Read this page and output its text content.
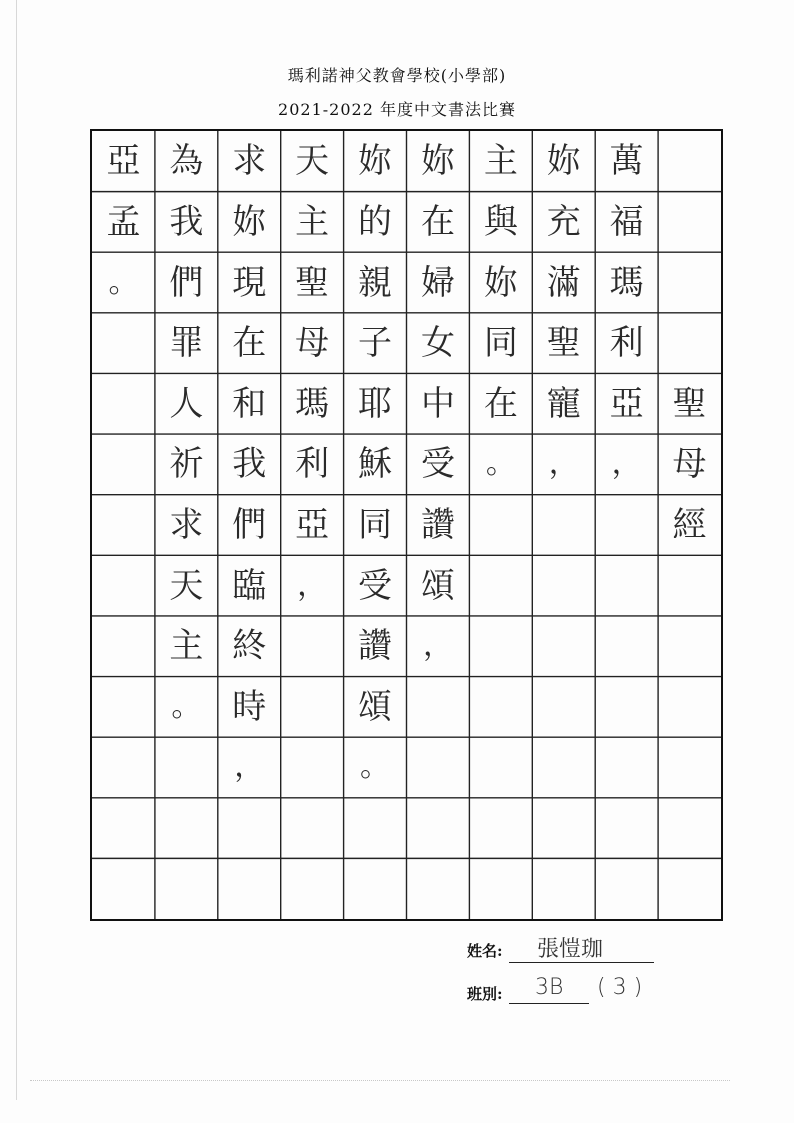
瑪利諾神父教會學校(小學部)
2021-2022 年度中文書法比賽
聖
母
經
萬
福
瑪
利
亞
，
妳
充
滿
聖
寵
，
主
與
妳
同
在
。
妳
在
婦
女
中
受
讚
頌
，
妳
的
親
子
耶
穌
同
受
讚
頌
。
天
主
聖
母
瑪
利
亞
，
求
妳
現
在
和
我
們
臨
終
時
，
為
我
們
罪
人
祈
求
天
主
。
亞
孟
。
姓名: 張愷珈
班別: 3B ( 3 )
